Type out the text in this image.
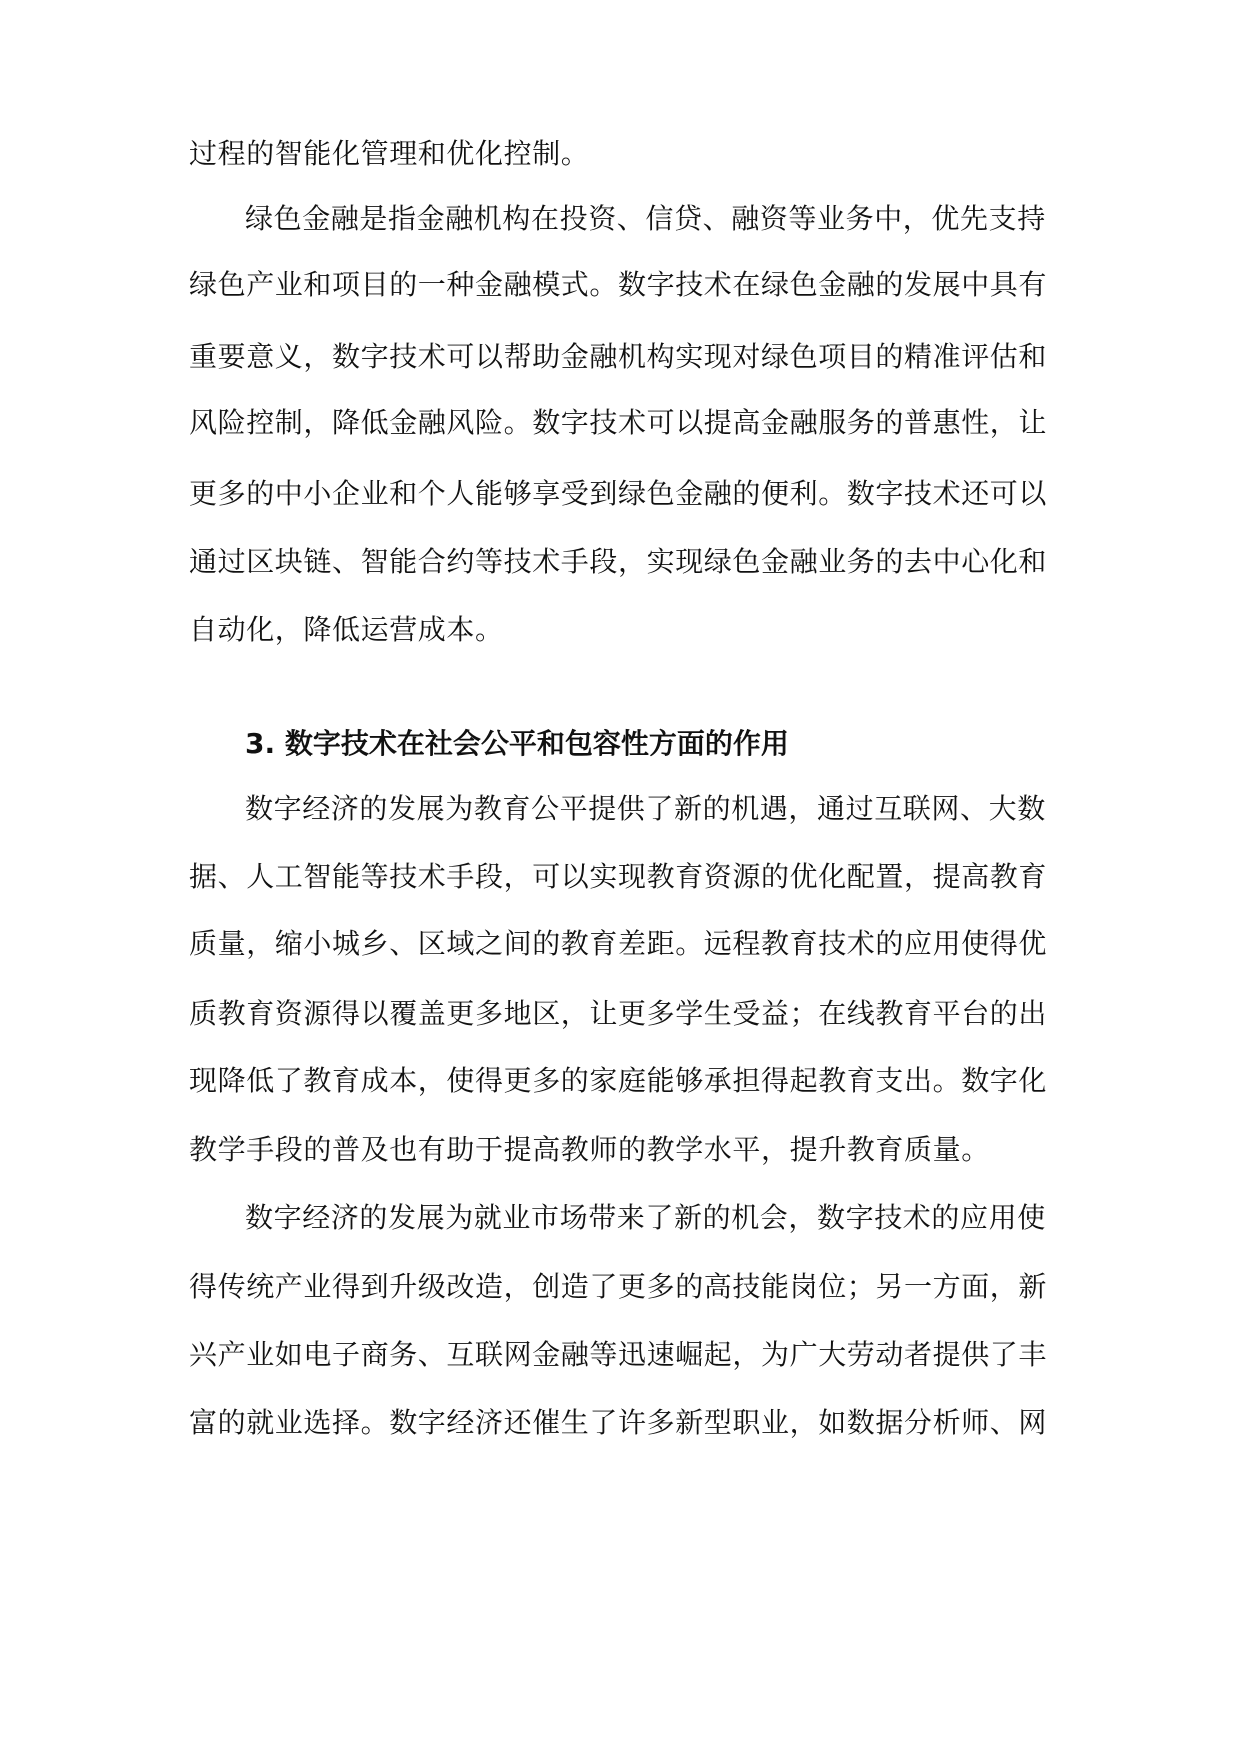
过程的智能化管理和优化控制。
绿色金融是指金融机构在投资、信贷、融资等业务中，优先支持
绿色产业和项目的一种金融模式。数字技术在绿色金融的发展中具有
重要意义，数字技术可以帮助金融机构实现对绿色项目的精准评估和
风险控制，降低金融风险。数字技术可以提高金融服务的普惠性，让
更多的中小企业和个人能够享受到绿色金融的便利。数字技术还可以
通过区块链、智能合约等技术手段，实现绿色金融业务的去中心化和
自动化，降低运营成本。
3. 数字技术在社会公平和包容性方面的作用
数字经济的发展为教育公平提供了新的机遇，通过互联网、大数
据、人工智能等技术手段，可以实现教育资源的优化配置，提高教育
质量，缩小城乡、区域之间的教育差距。远程教育技术的应用使得优
质教育资源得以覆盖更多地区，让更多学生受益；在线教育平台的出
现降低了教育成本，使得更多的家庭能够承担得起教育支出。数字化
教学手段的普及也有助于提高教师的教学水平，提升教育质量。
数字经济的发展为就业市场带来了新的机会，数字技术的应用使
得传统产业得到升级改造，创造了更多的高技能岗位；另一方面，新
兴产业如电子商务、互联网金融等迅速崛起，为广大劳动者提供了丰
富的就业选择。数字经济还催生了许多新型职业，如数据分析师、网
